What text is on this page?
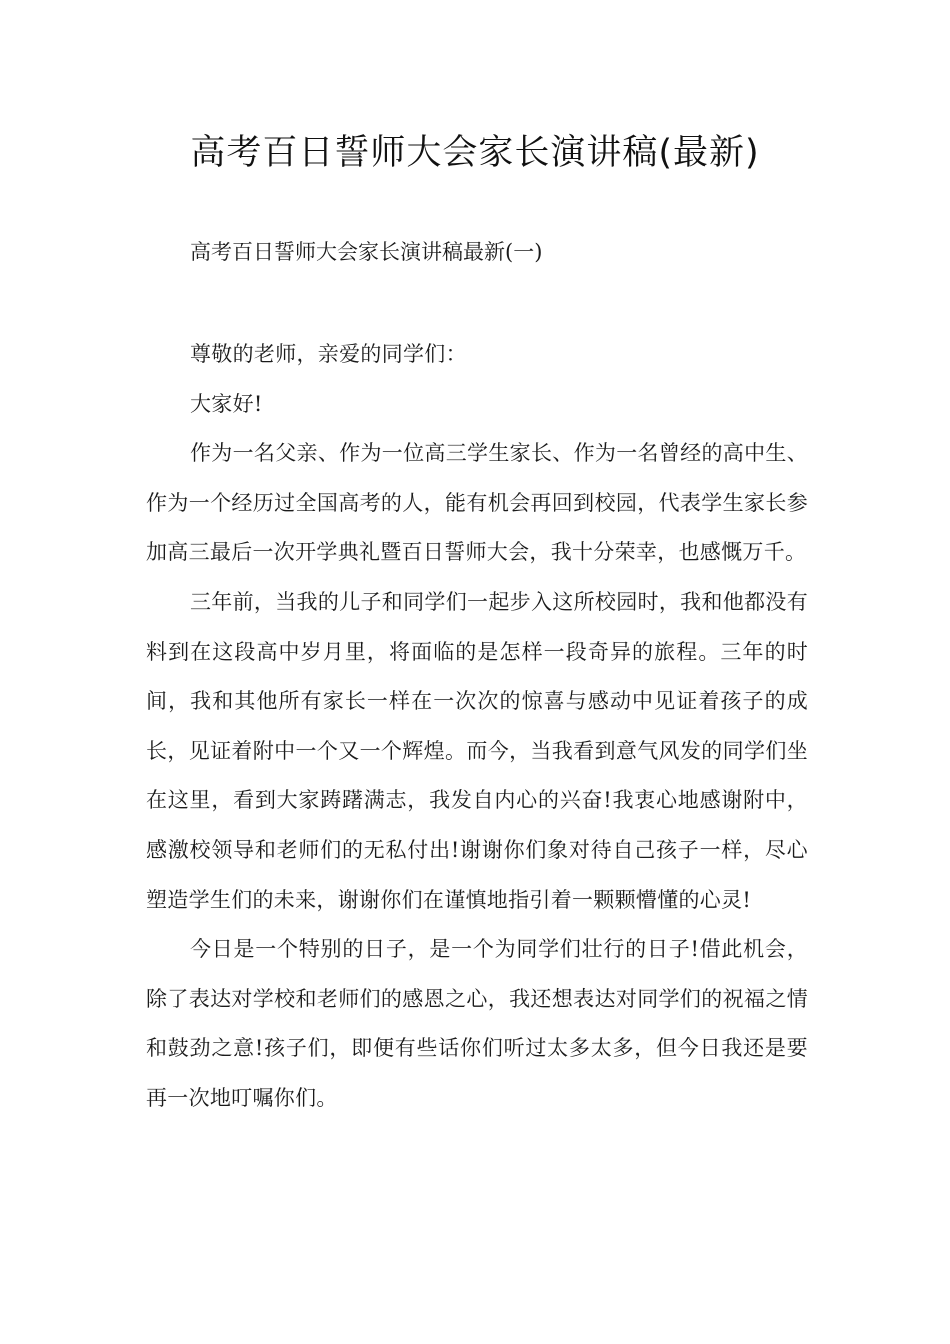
高考百日誓师大会家长演讲稿(最新)
高考百日誓师大会家长演讲稿最新(一)

尊敬的老师，亲爱的同学们：

大家好!

作为一名父亲、作为一位高三学生家长、作为一名曾经的高中生、作为一个经历过全国高考的人，能有机会再回到校园，代表学生家长参加高三最后一次开学典礼暨百日誓师大会，我十分荣幸，也感慨万千。

三年前，当我的儿子和同学们一起步入这所校园时，我和他都没有料到在这段高中岁月里，将面临的是怎样一段奇异的旅程。三年的时间，我和其他所有家长一样在一次次的惊喜与感动中见证着孩子的成长，见证着附中一个又一个辉煌。而今，当我看到意气风发的同学们坐在这里，看到大家踌躇满志，我发自内心的兴奋!我衷心地感谢附中，感激校领导和老师们的无私付出!谢谢你们象对待自己孩子一样，尽心塑造学生们的未来，谢谢你们在谨慎地指引着一颗颗懵懂的心灵!

今日是一个特别的日子，是一个为同学们壮行的日子!借此机会，除了表达对学校和老师们的感恩之心，我还想表达对同学们的祝福之情和鼓劲之意!孩子们，即便有些话你们听过太多太多，但今日我还是要再一次地叮嘱你们。
